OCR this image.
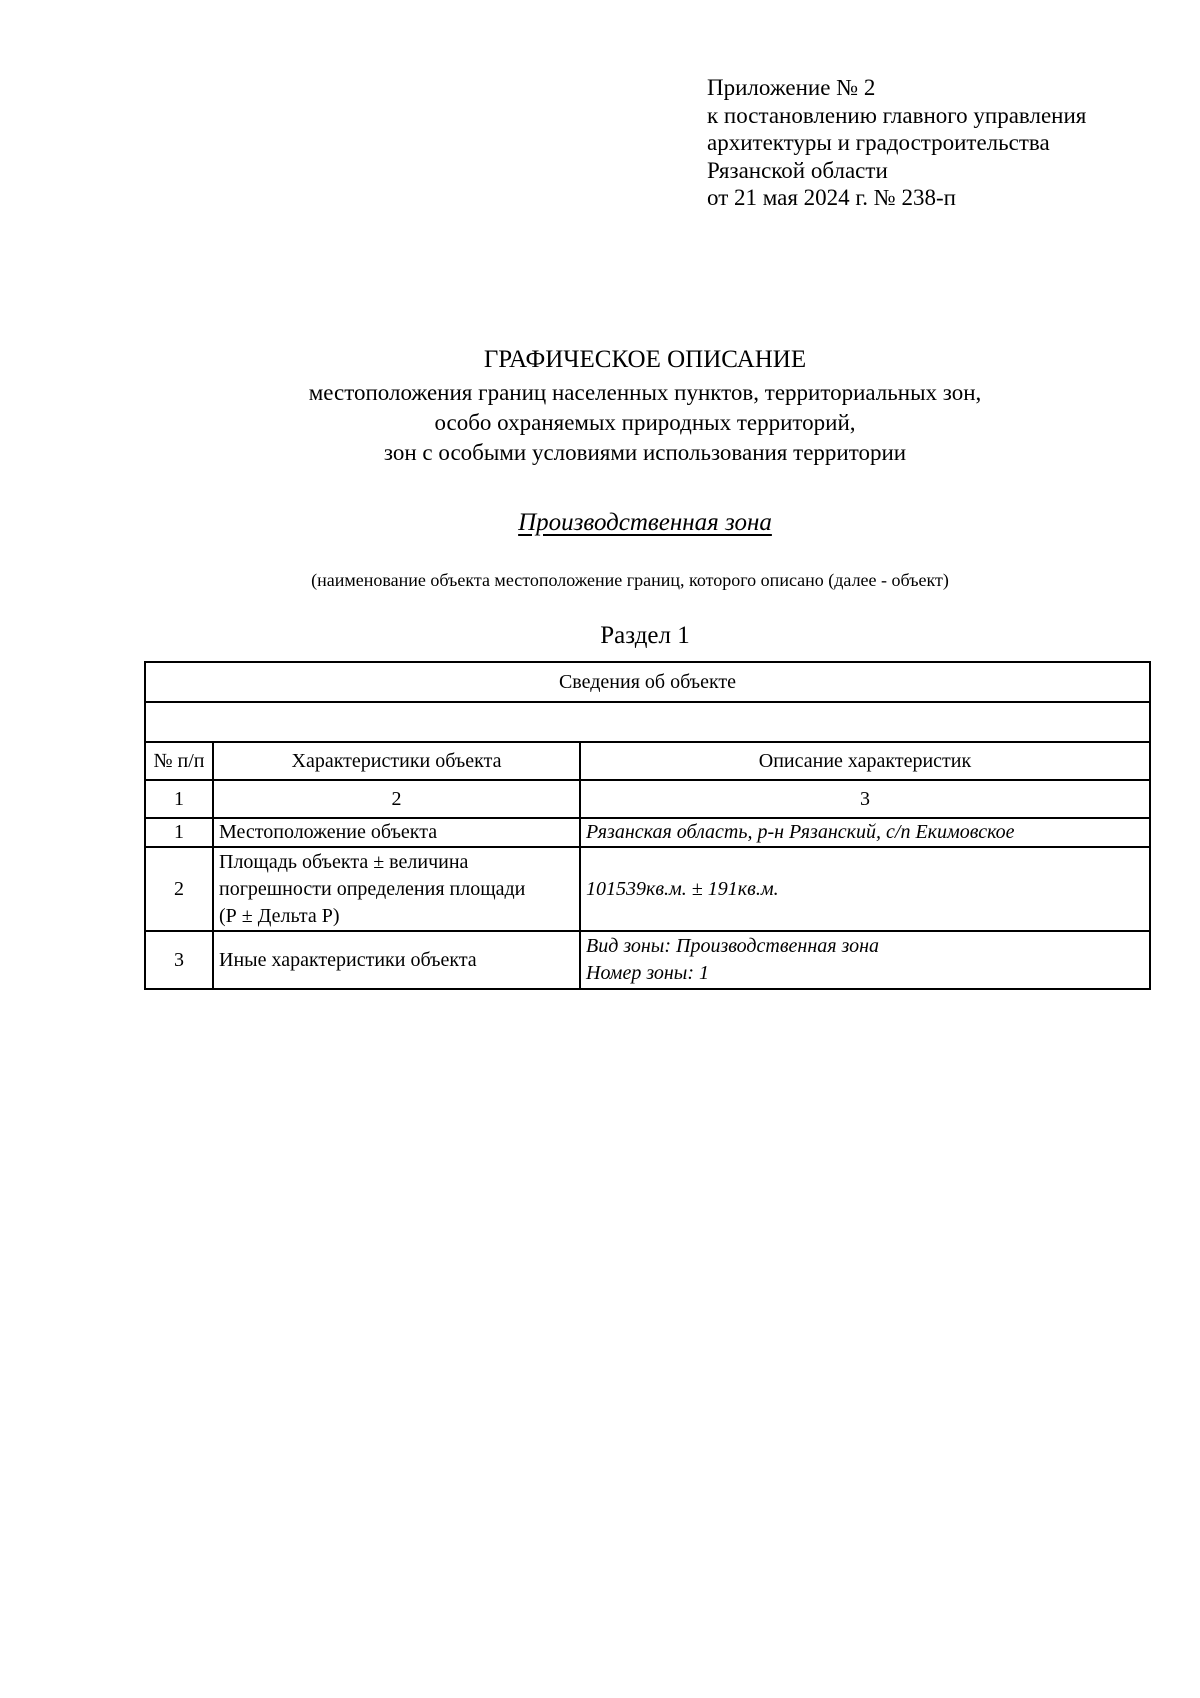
Приложение № 2
к постановлению главного управления
архитектуры и градостроительства
Рязанской области
от 21 мая 2024 г. № 238-п
ГРАФИЧЕСКОЕ ОПИСАНИЕ
местоположения границ населенных пунктов, территориальных зон,
особо охраняемых природных территорий,
зон с особыми условиями использования территории
Производственная зона
(наименование объекта местоположение границ, которого описано (далее - объект)
Раздел 1
Сведения об объекте		

№ п/п	Характеристики объекта	Описание характеристик
1	2	3
1	Местоположение объекта	Рязанская область, р-н Рязанский, с/п Екимовское
2	Площадь объекта ± величина
погрешности определения площади
(Р ± Дельта Р)	101539кв.м. ± 191кв.м.
3	Иные характеристики объекта	Вид зоны: Производственная зона
Номер зоны: 1
